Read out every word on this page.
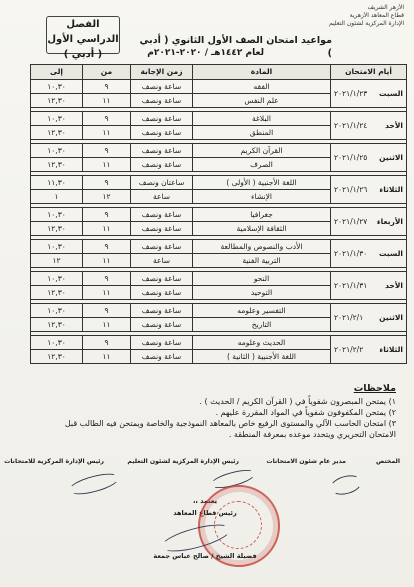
الأزهر الشريف
قطاع المعاهد الأزهرية
الإدارة المركزية لشئون التعليم
الفصل الدراسي الأول
( أدبي )
مواعيد امتحان الصف الأول الثانوي ( أدبي )
لعام ١٤٤٢هـ / ٢٠٢٠-٢٠٢١م
أيام الامتحان	المادة	زمن الإجابة	من	إلى

السبت
٢٠٢١/١/٢٣	الفقه	ساعة ونصف	٩	١٠,٣٠
	علم النفس	ساعة ونصف	١١	١٢,٣٠

الأحد
٢٠٢١/١/٢٤	البلاغة	ساعة ونصف	٩	١٠,٣٠
	المنطق	ساعة ونصف	١١	١٢,٣٠

الاثنين
٢٠٢١/١/٢٥	القرآن الكريم	ساعة ونصف	٩	١٠,٣٠
	الصرف	ساعة ونصف	١١	١٢,٣٠

الثلاثاء
٢٠٢١/١/٢٦	اللغة الأجنبية ( الأولى )	ساعتان ونصف	٩	١١,٣٠
	الإنشاء	ساعة	١٢	١

الأربعاء
٢٠٢١/١/٢٧	جغرافيا	ساعة ونصف	٩	١٠,٣٠
	الثقافة الإسلامية	ساعة ونصف	١١	١٢,٣٠

السبت
٢٠٢١/١/٣٠	الأدب والنصوص والمطالعة	ساعة ونصف	٩	١٠,٣٠
	التربية الفنية	ساعة	١١	١٢

الأحد
٢٠٢١/١/٣١	النحو	ساعة ونصف	٩	١٠,٣٠
	التوحيد	ساعة ونصف	١١	١٢,٣٠

الاثنين
٢٠٢١/٢/١	التفسير وعلومه	ساعة ونصف	٩	١٠,٣٠
	التاريخ	ساعة ونصف	١١	١٢,٣٠

الثلاثاء
٢٠٢١/٢/٢	الحديث وعلومه	ساعة ونصف	٩	١٠,٣٠
	اللغة الأجنبية ( الثانية )	ساعة ونصف	١١	١٢,٣٠
ملاحظات
١) يمتحن المبصرون شفوياً في ( القرآن الكريم / الحديث ) .
٢) يمتحن المكفوفون شفوياً في المواد المقررة عليهم .
٣) امتحان الحاسب الآلي والمستوى الرفيع خاص بالمعاهد النموذجية والخاصة ويمتحن فيه الطالب قبل
الامتحان التحريري ويتحدد موعده بمعرفة المنطقة .
المختص
مدير عام شئون الامتحانات
رئيس الإدارة المركزية لشئون التعليم
رئيس الإدارة المركزية للامتحانات
يعتمد ،،
رئيس قطاع المعاهد
فضيلة الشيخ / صالح عباس جمعة
